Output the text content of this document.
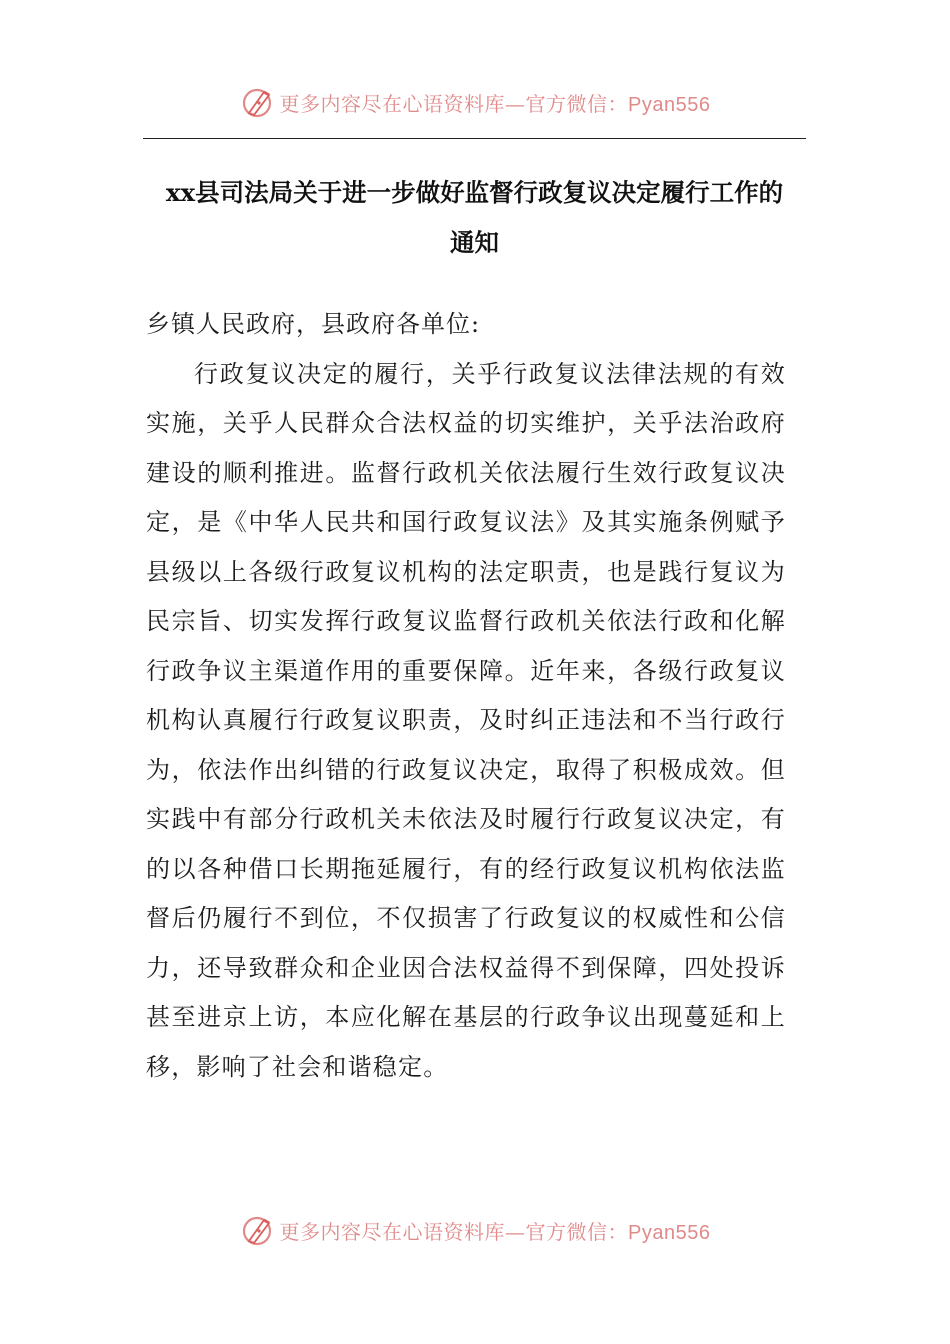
更多内容尽在心语资料库—官方微信：Pyan556
xx县司法局关于进一步做好监督行政复议决定履行工作的
通知

乡镇人民政府，县政府各单位:

行政复议决定的履行，关乎行政复议法律法规的有效实施，关乎人民群众合法权益的切实维护，关乎法治政府建设的顺利推进。监督行政机关依法履行生效行政复议决定，是《中华人民共和国行政复议法》及其实施条例赋予县级以上各级行政复议机构的法定职责，也是践行复议为民宗旨、切实发挥行政复议监督行政机关依法行政和化解行政争议主渠道作用的重要保障。近年来，各级行政复议机构认真履行行政复议职责，及时纠正违法和不当行政行为，依法作出纠错的行政复议决定，取得了积极成效。但实践中有部分行政机关未依法及时履行行政复议决定，有的以各种借口长期拖延履行，有的经行政复议机构依法监督后仍履行不到位，不仅损害了行政复议的权威性和公信力，还导致群众和企业因合法权益得不到保障，四处投诉甚至进京上访，本应化解在基层的行政争议出现蔓延和上移，影响了社会和谐稳定。

更多内容尽在心语资料库—官方微信：Pyan556
